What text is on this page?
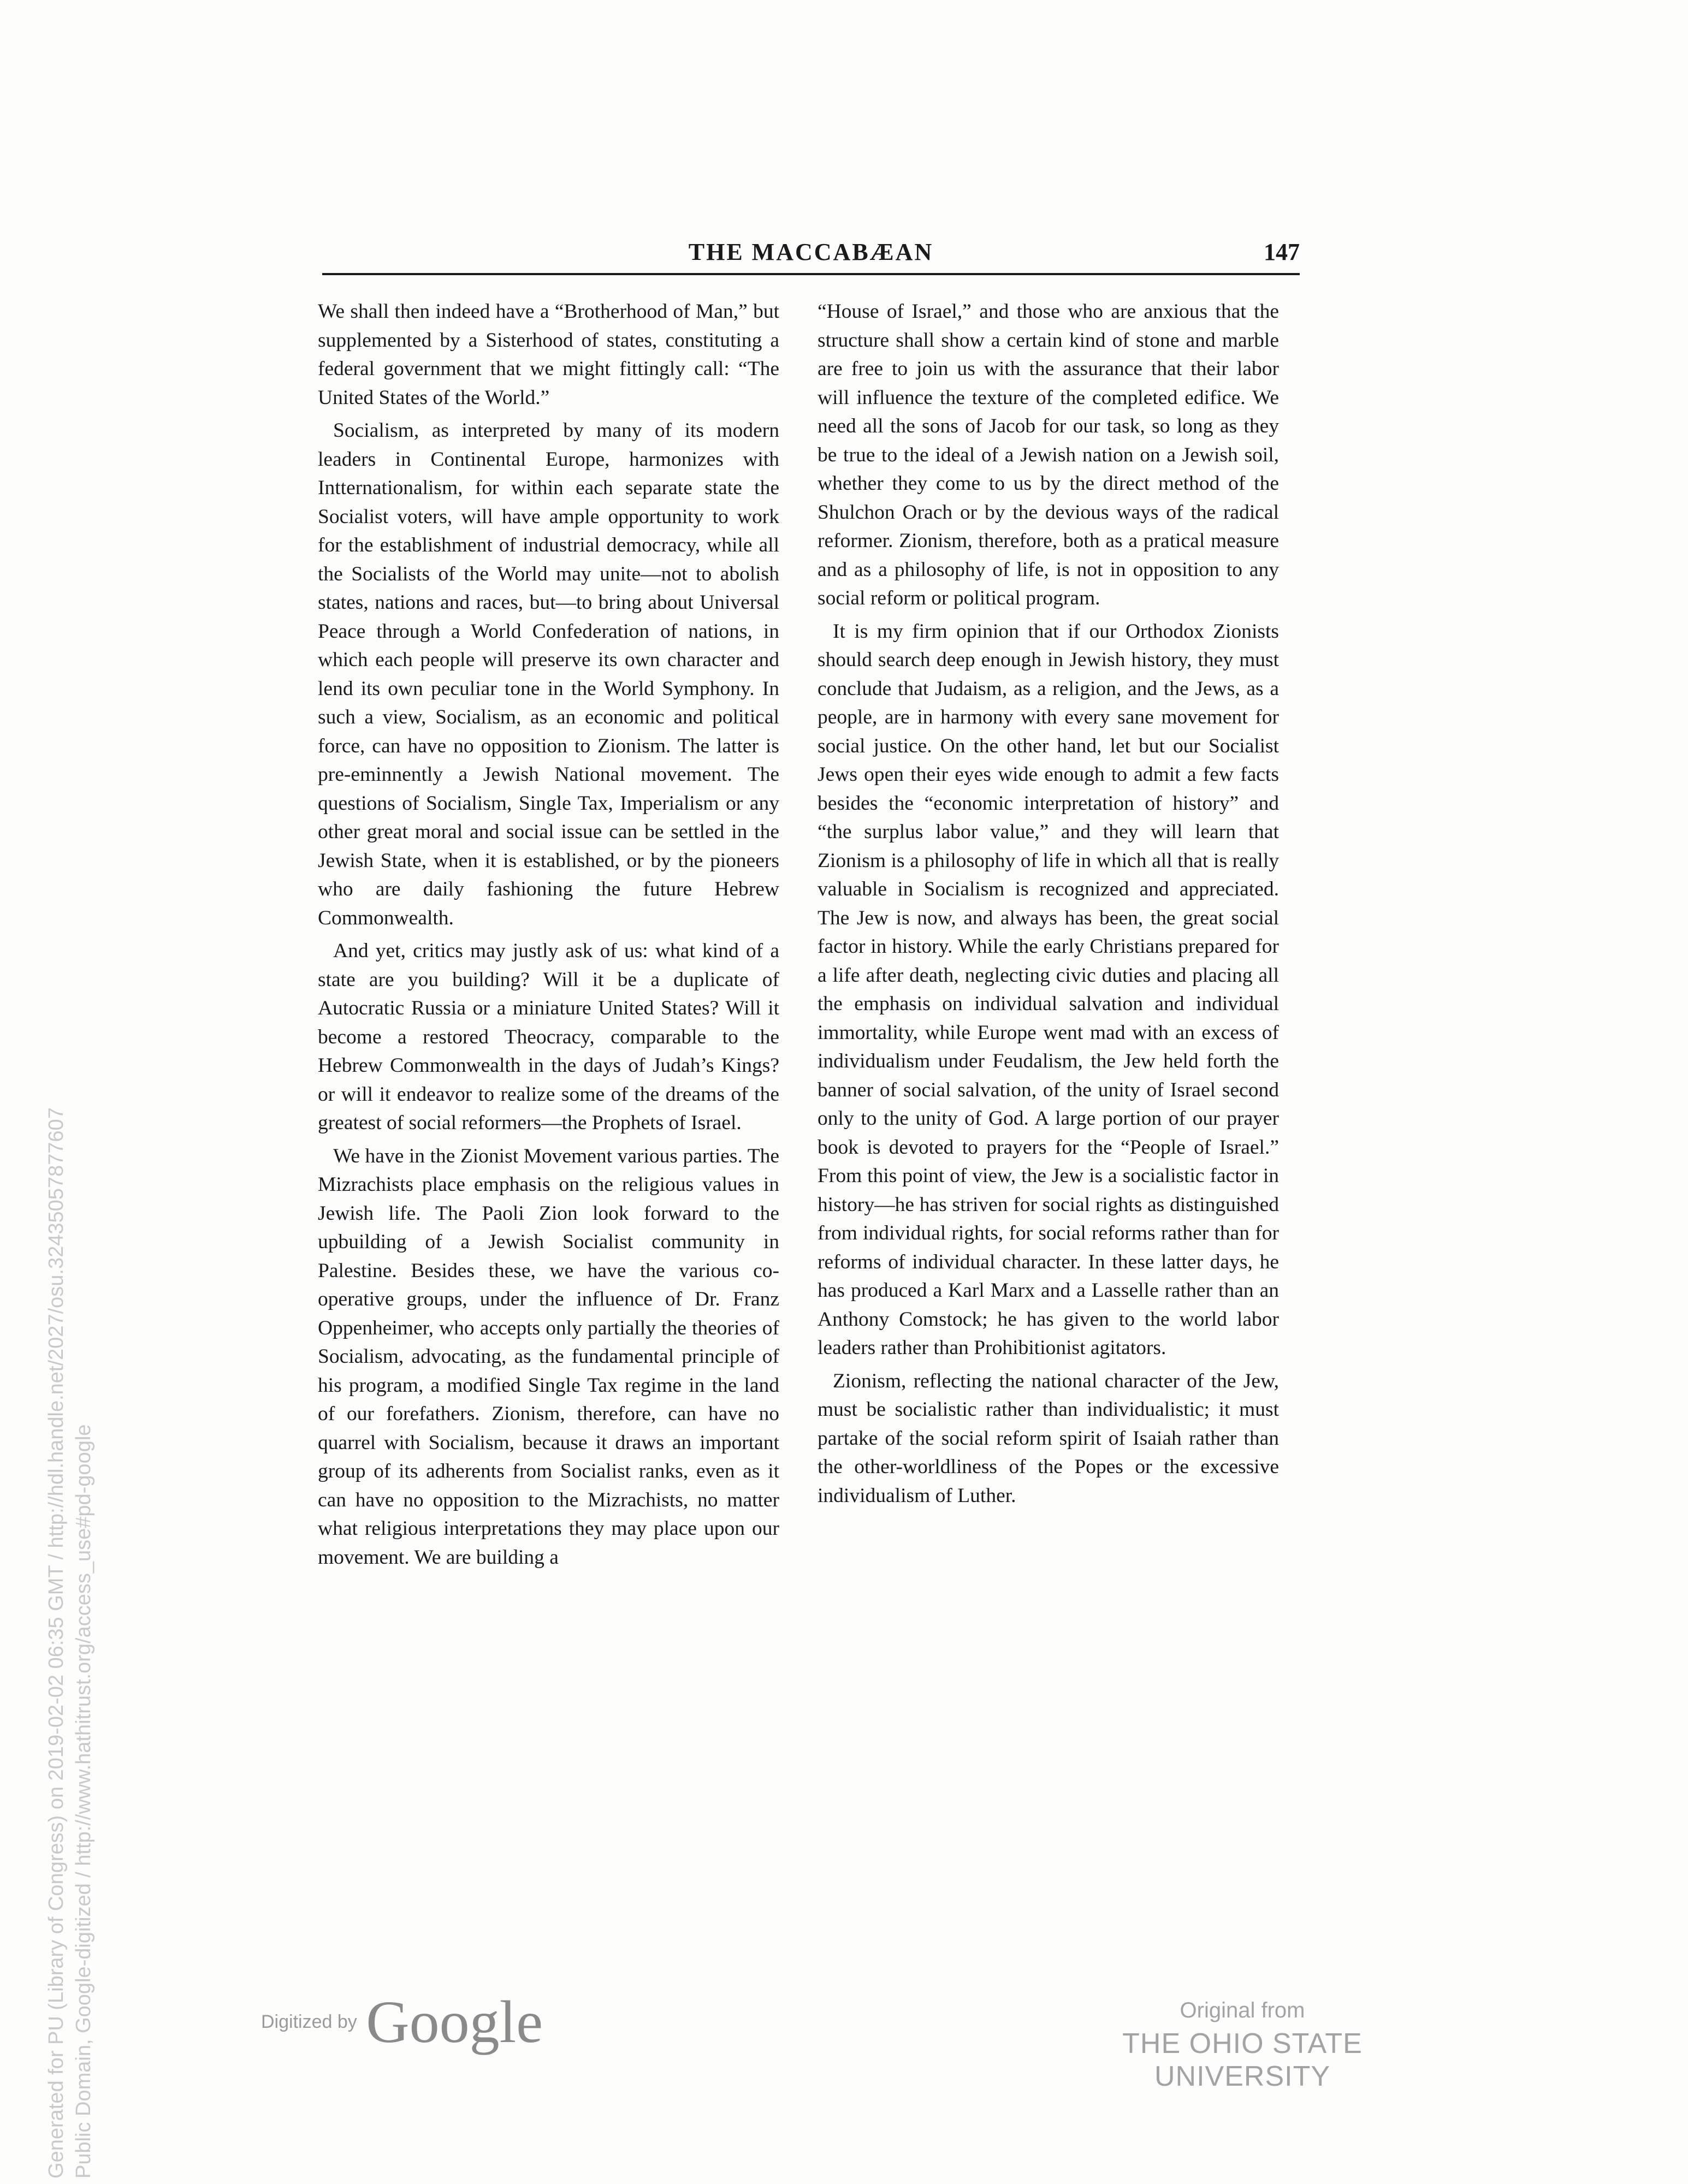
THE MACCABÆAN	147

We shall then indeed have a “Brotherhood of Man,” but supplemented by a Sisterhood of states, constituting a federal government that we might fittingly call: “The United States of the World.”

Socialism, as interpreted by many of its modern leaders in Continental Europe, harmonizes with Intternationalism, for within each separate state the Socialist voters, will have ample opportunity to work for the establishment of industrial democracy, while all the Socialists of the World may unite—not to abolish states, nations and races, but—to bring about Universal Peace through a World Confederation of nations, in which each people will preserve its own character and lend its own peculiar tone in the World Symphony. In such a view, Socialism, as an economic and political force, can have no opposition to Zionism. The latter is pre-eminnently a Jewish National movement. The questions of Socialism, Single Tax, Imperialism or any other great moral and social issue can be settled in the Jewish State, when it is established, or by the pioneers who are daily fashioning the future Hebrew Commonwealth.

And yet, critics may justly ask of us: what kind of a state are you building? Will it be a duplicate of Autocratic Russia or a miniature United States? Will it become a restored Theocracy, comparable to the Hebrew Commonwealth in the days of Judah’s Kings? or will it endeavor to realize some of the dreams of the greatest of social reformers—the Prophets of Israel.

We have in the Zionist Movement various parties. The Mizrachists place emphasis on the religious values in Jewish life. The Paoli Zion look forward to the upbuilding of a Jewish Socialist community in Palestine. Besides these, we have the various co-operative groups, under the influence of Dr. Franz Oppenheimer, who accepts only partially the theories of Socialism, advocating, as the fundamental principle of his program, a modified Single Tax regime in the land of our forefathers. Zionism, therefore, can have no quarrel with Socialism, because it draws an important group of its adherents from Socialist ranks, even as it can have no opposition to the Mizrachists, no matter what religious interpretations they may place upon our movement. We are building a

“House of Israel,” and those who are anxious that the structure shall show a certain kind of stone and marble are free to join us with the assurance that their labor will influence the texture of the completed edifice. We need all the sons of Jacob for our task, so long as they be true to the ideal of a Jewish nation on a Jewish soil, whether they come to us by the direct method of the Shulchon Orach or by the devious ways of the radical reformer. Zionism, therefore, both as a pratical measure and as a philosophy of life, is not in opposition to any social reform or political program.

It is my firm opinion that if our Orthodox Zionists should search deep enough in Jewish history, they must conclude that Judaism, as a religion, and the Jews, as a people, are in harmony with every sane movement for social justice. On the other hand, let but our Socialist Jews open their eyes wide enough to admit a few facts besides the “economic interpretation of history” and “the surplus labor value,” and they will learn that Zionism is a philosophy of life in which all that is really valuable in Socialism is recognized and appreciated. The Jew is now, and always has been, the great social factor in history. While the early Christians prepared for a life after death, neglecting civic duties and placing all the emphasis on individual salvation and individual immortality, while Europe went mad with an excess of individualism under Feudalism, the Jew held forth the banner of social salvation, of the unity of Israel second only to the unity of God. A large portion of our prayer book is devoted to prayers for the “People of Israel.” From this point of view, the Jew is a socialistic factor in history—he has striven for social rights as distinguished from individual rights, for social reforms rather than for reforms of individual character. In these latter days, he has produced a Karl Marx and a Lasselle rather than an Anthony Comstock; he has given to the world labor leaders rather than Prohibitionist agitators.

Zionism, reflecting the national character of the Jew, must be socialistic rather than individualistic; it must partake of the social reform spirit of Isaiah rather than the other-worldliness of the Popes or the excessive individualism of Luther.

Generated for PU (Library of Congress) on 2019-02-02 06:35 GMT / http://hdl.handle.net/2027/osu.32435057877607 Public Domain, Google-digitized / http://www.hathitrust.org/access_use#pd-google	Digitized by Google	Original from
THE OHIO STATE UNIVERSITY
